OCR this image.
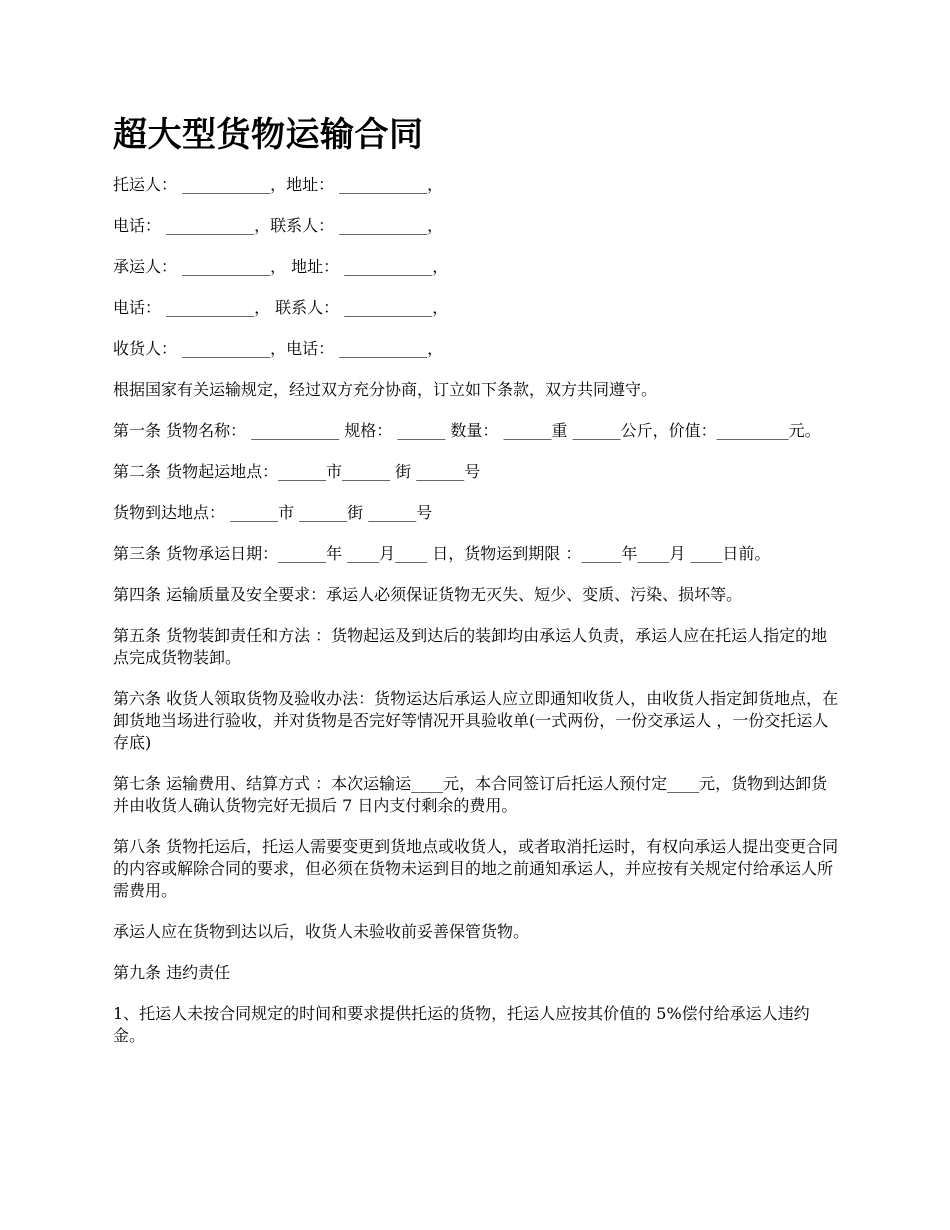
超大型货物运输合同

托运人： ___________，地址： ___________，

电话： ___________，联系人： ___________，

承运人： ___________， 地址： ___________，

电话： ___________， 联系人： ___________，

收货人： ___________，电话： ___________，

根据国家有关运输规定，经过双方充分协商，订立如下条款，双方共同遵守。

第一条 货物名称： ___________ 规格： ______ 数量： ______重 ______公斤，价值：_________元。

第二条 货物起运地点：______市______ 街 ______号

货物到达地点： ______市 ______街 ______号

第三条 货物承运日期：______年 ____月____ 日，货物运到期限 ：_____年____月 ____日前。

第四条 运输质量及安全要求：承运人必须保证货物无灭失、短少、变质、污染、损坏等。

第五条 货物装卸责任和方法 ：货物起运及到达后的装卸均由承运人负责，承运人应在托运人指定的地点完成货物装卸。

第六条 收货人领取货物及验收办法：货物运达后承运人应立即通知收货人，由收货人指定卸货地点，在卸货地当场进行验收，并对货物是否完好等情况开具验收单(一式两份，一份交承运人 ，一份交托运人存底)

第七条 运输费用、结算方式 ：本次运输运____元，本合同签订后托运人预付定____元，货物到达卸货并由收货人确认货物完好无损后 7 日内支付剩余的费用。

第八条 货物托运后，托运人需要变更到货地点或收货人，或者取消托运时，有权向承运人提出变更合同的内容或解除合同的要求，但必须在货物未运到目的地之前通知承运人，并应按有关规定付给承运人所需费用。

承运人应在货物到达以后，收货人未验收前妥善保管货物。

第九条 违约责任

1、托运人未按合同规定的时间和要求提供托运的货物，托运人应按其价值的 5%偿付给承运人违约金。
